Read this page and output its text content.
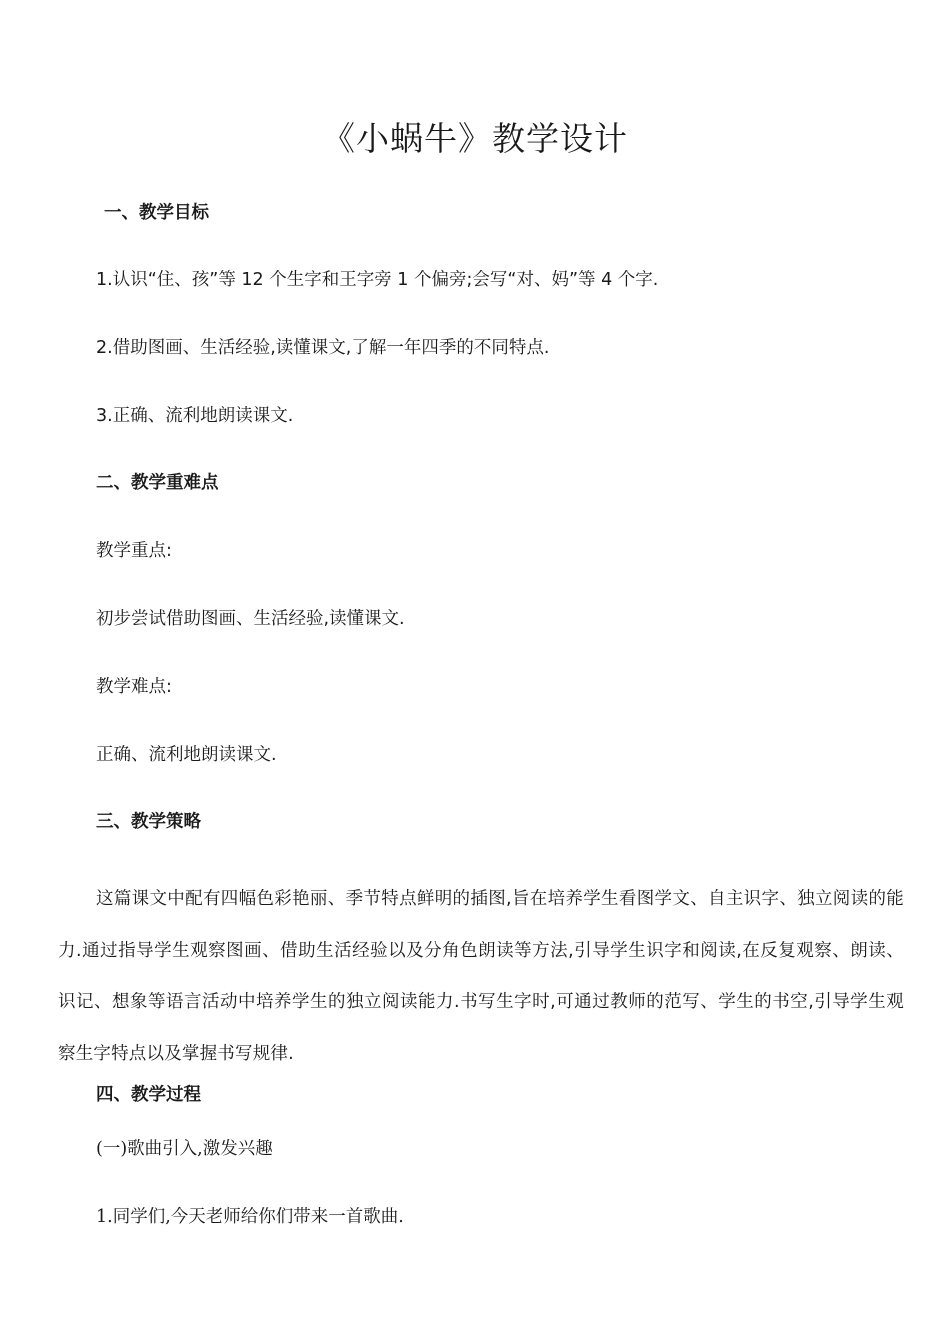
《小蜗牛》教学设计
一、教学目标
1.认识“住、孩”等 12 个生字和王字旁 1 个偏旁;会写“对、妈”等 4 个字.
2.借助图画、生活经验,读懂课文,了解一年四季的不同特点.
3.正确、流利地朗读课文.
二、教学重难点
教学重点:
初步尝试借助图画、生活经验,读懂课文.
教学难点:
正确、流利地朗读课文.
三、教学策略
这篇课文中配有四幅色彩艳丽、季节特点鲜明的插图,旨在培养学生看图学文、自主识字、独立阅读的能力.通过指导学生观察图画、借助生活经验以及分角色朗读等方法,引导学生识字和阅读,在反复观察、朗读、识记、想象等语言活动中培养学生的独立阅读能力.书写生字时,可通过教师的范写、学生的书空,引导学生观察生字特点以及掌握书写规律.
四、教学过程
(一)歌曲引入,激发兴趣
1.同学们,今天老师给你们带来一首歌曲.
